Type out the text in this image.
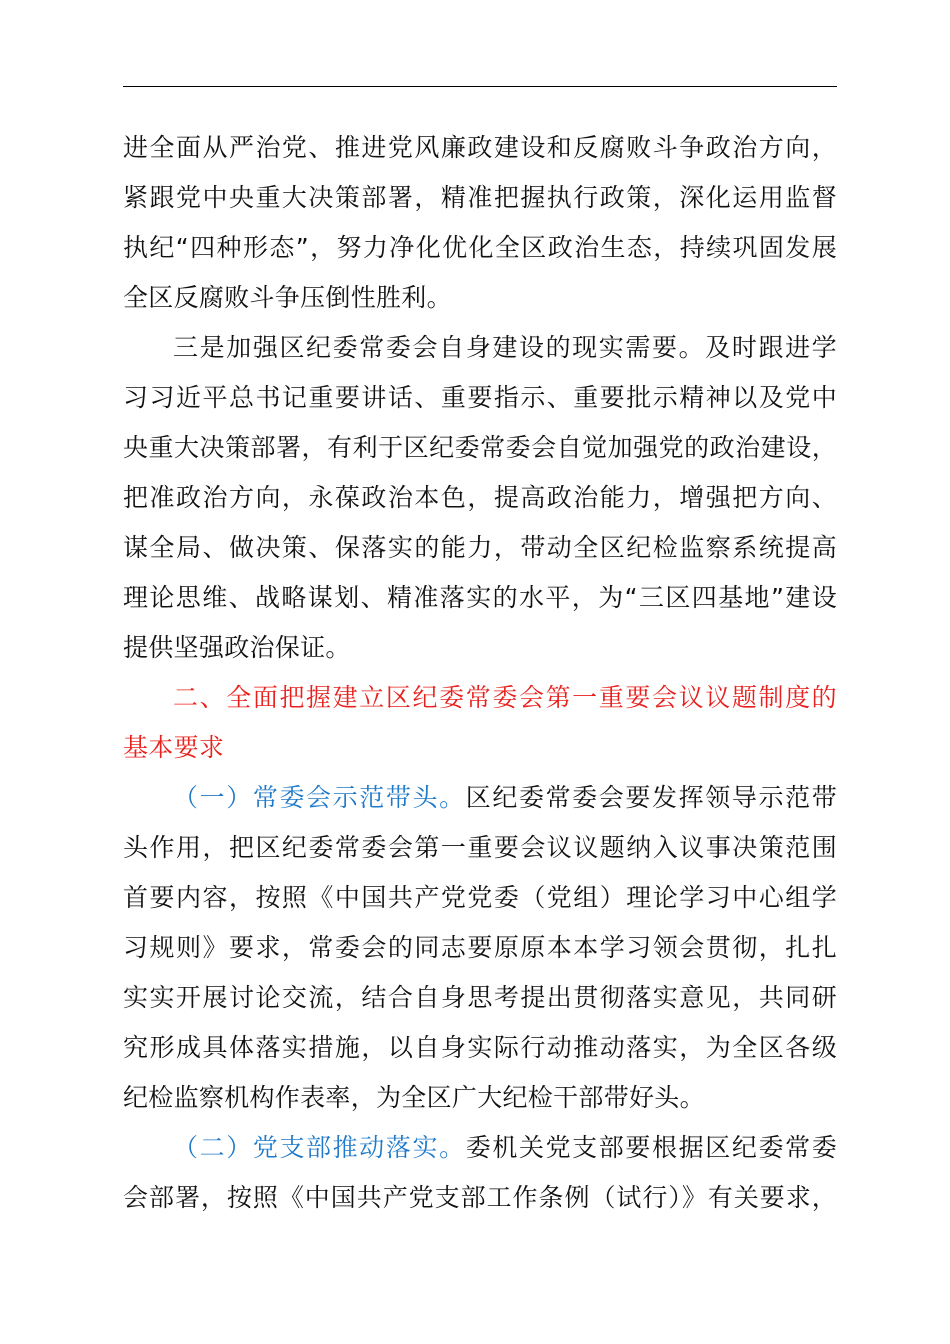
进全面从严治党、推进党风廉政建设和反腐败斗争政治方向，
紧跟党中央重大决策部署，精准把握执行政策，深化运用监督
执纪“四种形态”，努力净化优化全区政治生态，持续巩固发展
全区反腐败斗争压倒性胜利。
三是加强区纪委常委会自身建设的现实需要。及时跟进学
习习近平总书记重要讲话、重要指示、重要批示精神以及党中
央重大决策部署，有利于区纪委常委会自觉加强党的政治建设，
把准政治方向，永葆政治本色，提高政治能力，增强把方向、
谋全局、做决策、保落实的能力，带动全区纪检监察系统提高
理论思维、战略谋划、精准落实的水平，为“三区四基地”建设
提供坚强政治保证。
二、全面把握建立区纪委常委会第一重要会议议题制度的
基本要求
（一）常委会示范带头。区纪委常委会要发挥领导示范带
头作用，把区纪委常委会第一重要会议议题纳入议事决策范围
首要内容，按照《中国共产党党委（党组）理论学习中心组学
习规则》要求，常委会的同志要原原本本学习领会贯彻，扎扎
实实开展讨论交流，结合自身思考提出贯彻落实意见，共同研
究形成具体落实措施，以自身实际行动推动落实，为全区各级
纪检监察机构作表率，为全区广大纪检干部带好头。
（二）党支部推动落实。委机关党支部要根据区纪委常委
会部署，按照《中国共产党支部工作条例（试行）》有关要求，
